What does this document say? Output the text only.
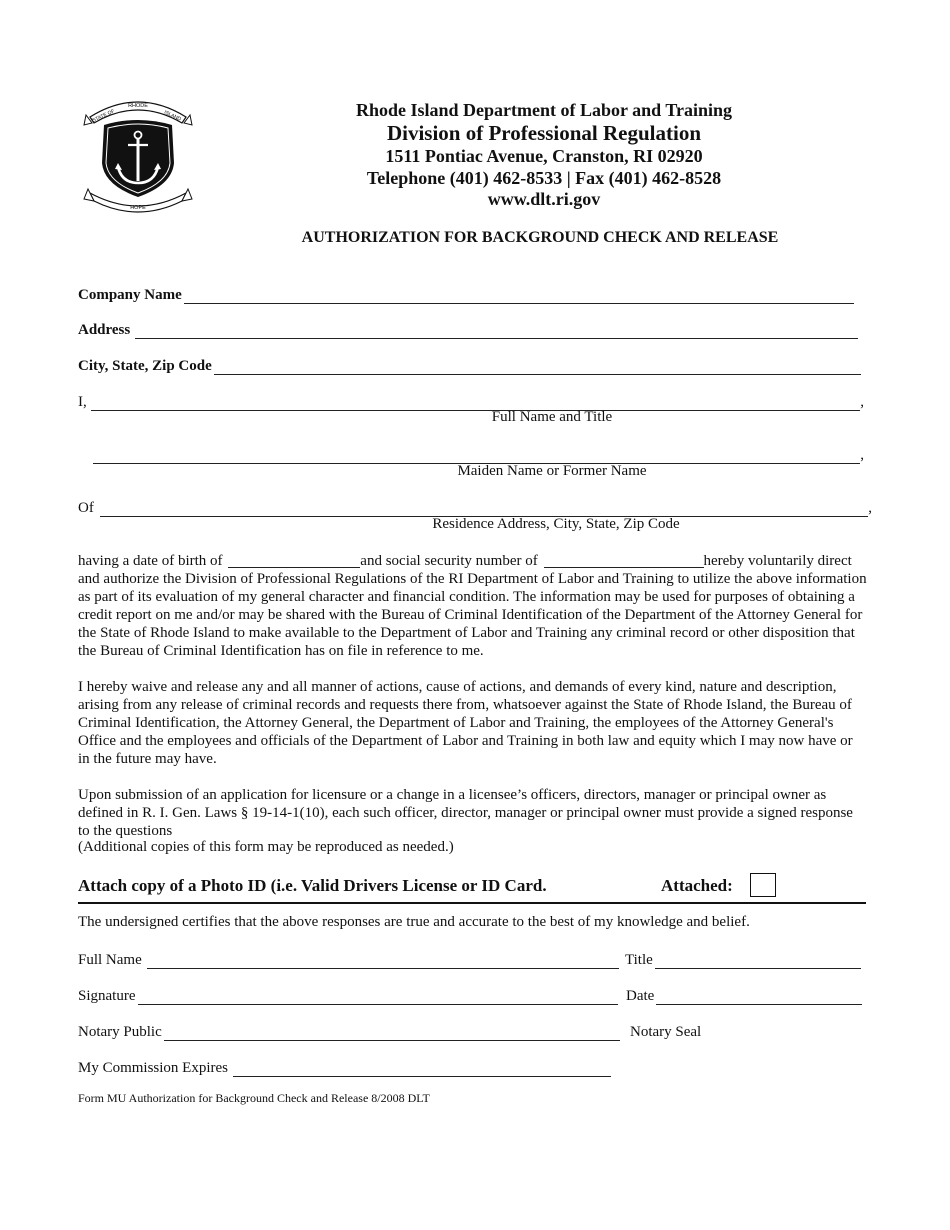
RHODE
STATE OF	ISLAND
HOPE
Rhode Island Department of Labor and Training
Division of Professional Regulation
1511 Pontiac Avenue, Cranston, RI 02920
Telephone (401) 462-8533 | Fax (401) 462-8528
www.dlt.ri.gov
AUTHORIZATION FOR BACKGROUND CHECK AND RELEASE
Company Name
Address
City, State, Zip Code
I,	,
Full Name and Title
,
Maiden Name or Former Name
Of	,
Residence Address, City, State, Zip Code
having a date of birth of	and social security number of	hereby voluntarily direct

and authorize the Division of Professional Regulations of the RI Department of Labor and Training to utilize the above information as part of its evaluation of my general character and financial condition. The information may be used for purposes of obtaining a credit report on me and/or may be shared with the Bureau of Criminal Identification of the Department of the Attorney General for the State of Rhode Island to make available to the Department of Labor and Training any criminal record or other disposition that the Bureau of Criminal Identification has on file in reference to me.

I hereby waive and release any and all manner of actions, cause of actions, and demands of every kind, nature and description, arising from any release of criminal records and requests there from, whatsoever against the State of Rhode Island, the Bureau of Criminal Identification, the Attorney General, the Department of Labor and Training, the employees of the Attorney General's Office and the employees and officials of the Department of Labor and Training in both law and equity which I may now have or in the future may have.

Upon submission of an application for licensure or a change in a licensee’s officers, directors, manager or principal owner as defined in R. I. Gen. Laws § 19-14-1(10), each such officer, director, manager or principal owner must provide a signed response to the questions

(Additional copies of this form may be reproduced as needed.)
Attach copy of a Photo ID (i.e. Valid Drivers License or ID Card.	Attached:
The undersigned certifies that the above responses are true and accurate to the best of my knowledge and belief.
Full Name	Title
Signature	Date
Notary Public	Notary Seal
My Commission Expires
Form MU Authorization for Background Check and Release 8/2008 DLT
